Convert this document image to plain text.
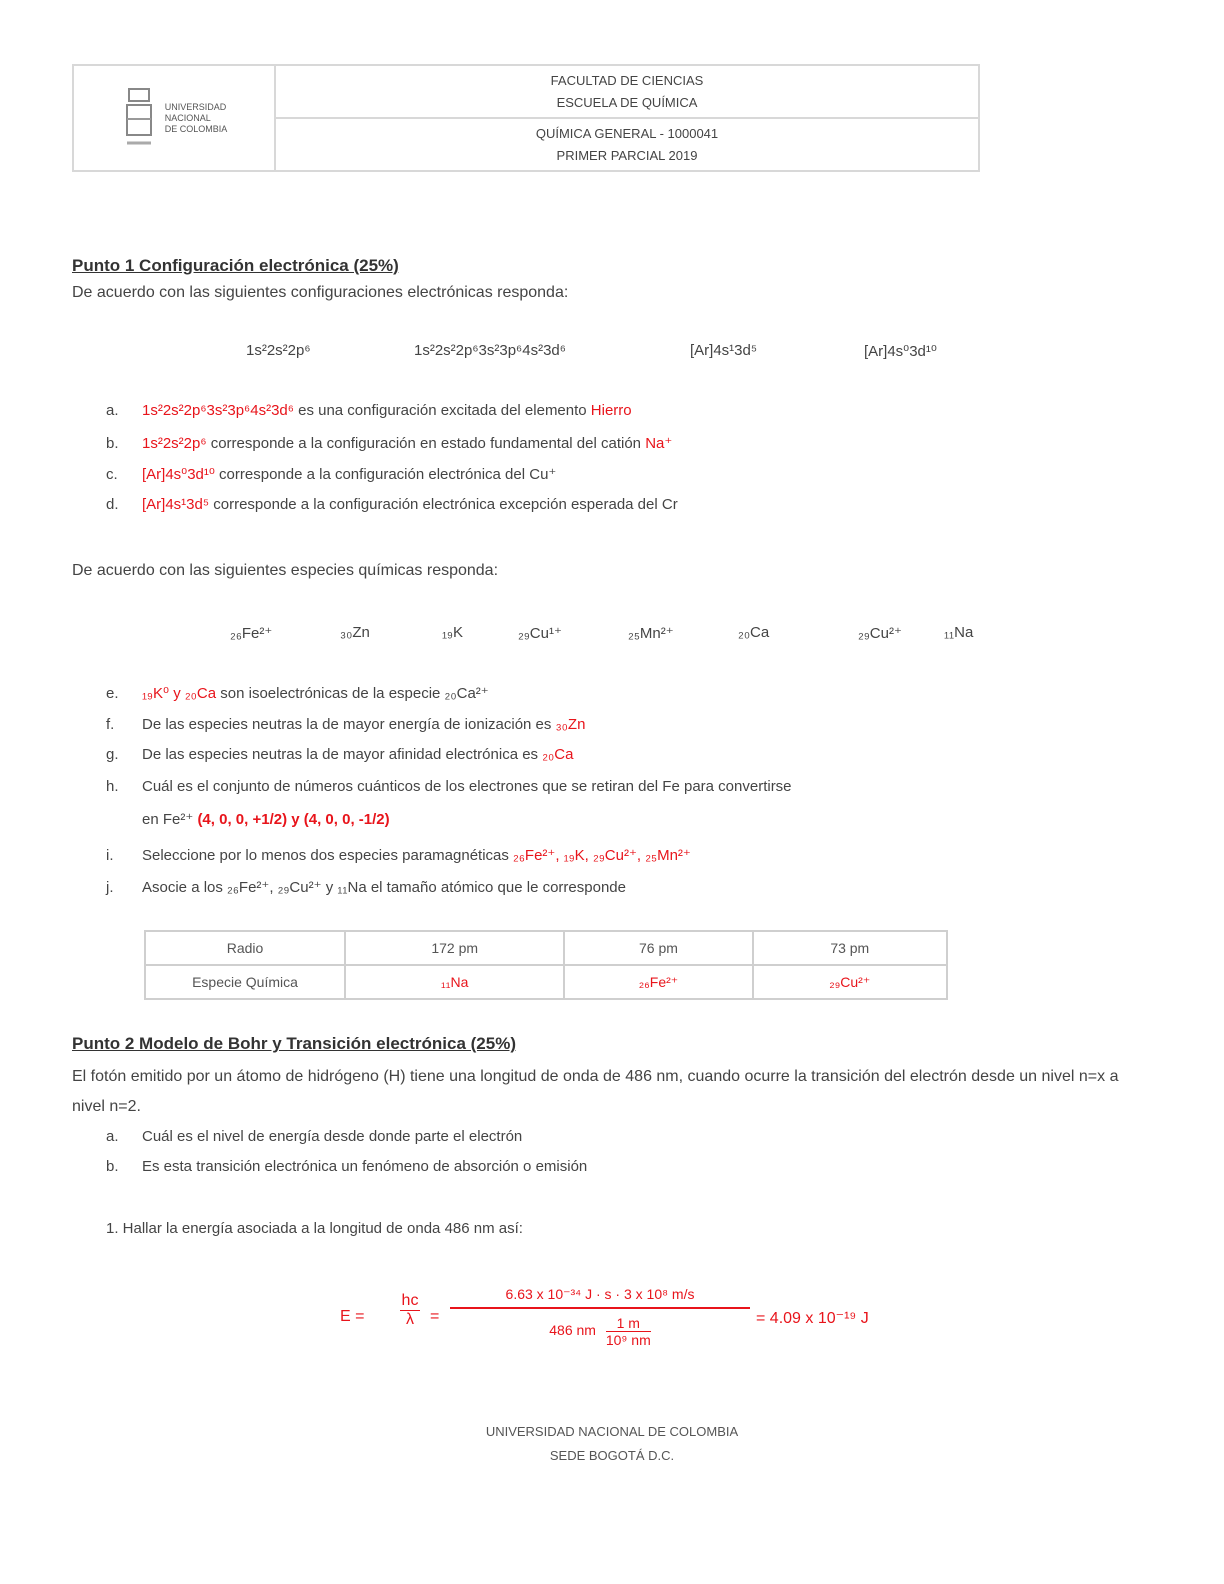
UNIVERSIDAD
NACIONAL
DE COLOMBIA
FACULTAD DE CIENCIAS
ESCUELA DE QUÍMICA
QUÍMICA GENERAL - 1000041
PRIMER PARCIAL 2019
Punto 1 Configuración electrónica (25%)
De acuerdo con las siguientes configuraciones electrónicas responda:
1s²2s²2p⁶	1s²2s²2p⁶3s²3p⁶4s²3d⁶	[Ar]4s¹3d⁵	[Ar]4s⁰3d¹⁰
a. 1s²2s²2p⁶3s²3p⁶4s²3d⁶ es una configuración excitada del elemento Hierro
b. 1s²2s²2p⁶ corresponde a la configuración en estado fundamental del catión Na⁺
c. [Ar]4s⁰3d¹⁰ corresponde a la configuración electrónica del Cu⁺
d. [Ar]4s¹3d⁵ corresponde a la configuración electrónica excepción esperada del Cr
De acuerdo con las siguientes especies químicas responda:
₂₆Fe²⁺	₃₀Zn	₁₉K	₂₉Cu¹⁺	₂₅Mn²⁺	₂₀Ca	₂₉Cu²⁺	₁₁Na
e. ₁₉K⁰ y ₂₀Ca son isoelectrónicas de la especie ₂₀Ca²⁺
f. De las especies neutras la de mayor energía de ionización es ₃₀Zn
g. De las especies neutras la de mayor afinidad electrónica es ₂₀Ca
h. Cuál es el conjunto de números cuánticos de los electrones que se retiran del Fe para convertirse
en Fe²⁺ (4, 0, 0, +1/2) y (4, 0, 0, -1/2)
i. Seleccione por lo menos dos especies paramagnéticas ₂₆Fe²⁺, ₁₉K, ₂₉Cu²⁺, ₂₅Mn²⁺
j. Asocie a los ₂₆Fe²⁺, ₂₉Cu²⁺ y ₁₁Na el tamaño atómico que le corresponde
Radio	172 pm	76 pm	73 pm
Especie Química	₁₁Na	₂₆Fe²⁺	₂₉Cu²⁺
Punto 2 Modelo de Bohr y Transición electrónica (25%)
El fotón emitido por un átomo de hidrógeno (H) tiene una longitud de onda de 486 nm, cuando ocurre la transición del electrón desde un nivel n=x a nivel n=2.
a. Cuál es el nivel de energía desde donde parte el electrón
b. Es esta transición electrónica un fenómeno de absorción o emisión
1. Hallar la energía asociada a la longitud de onda 486 nm así:
E =
hc
λ	=
6.63 x 10⁻³⁴ J · s · 3 x 10⁸ m/s
486 nm $\frac{1 m}{\text{10⁹ nm}}$	= 4.09 x 10⁻¹⁹ J
UNIVERSIDAD NACIONAL DE COLOMBIA
SEDE BOGOTÁ D.C.
